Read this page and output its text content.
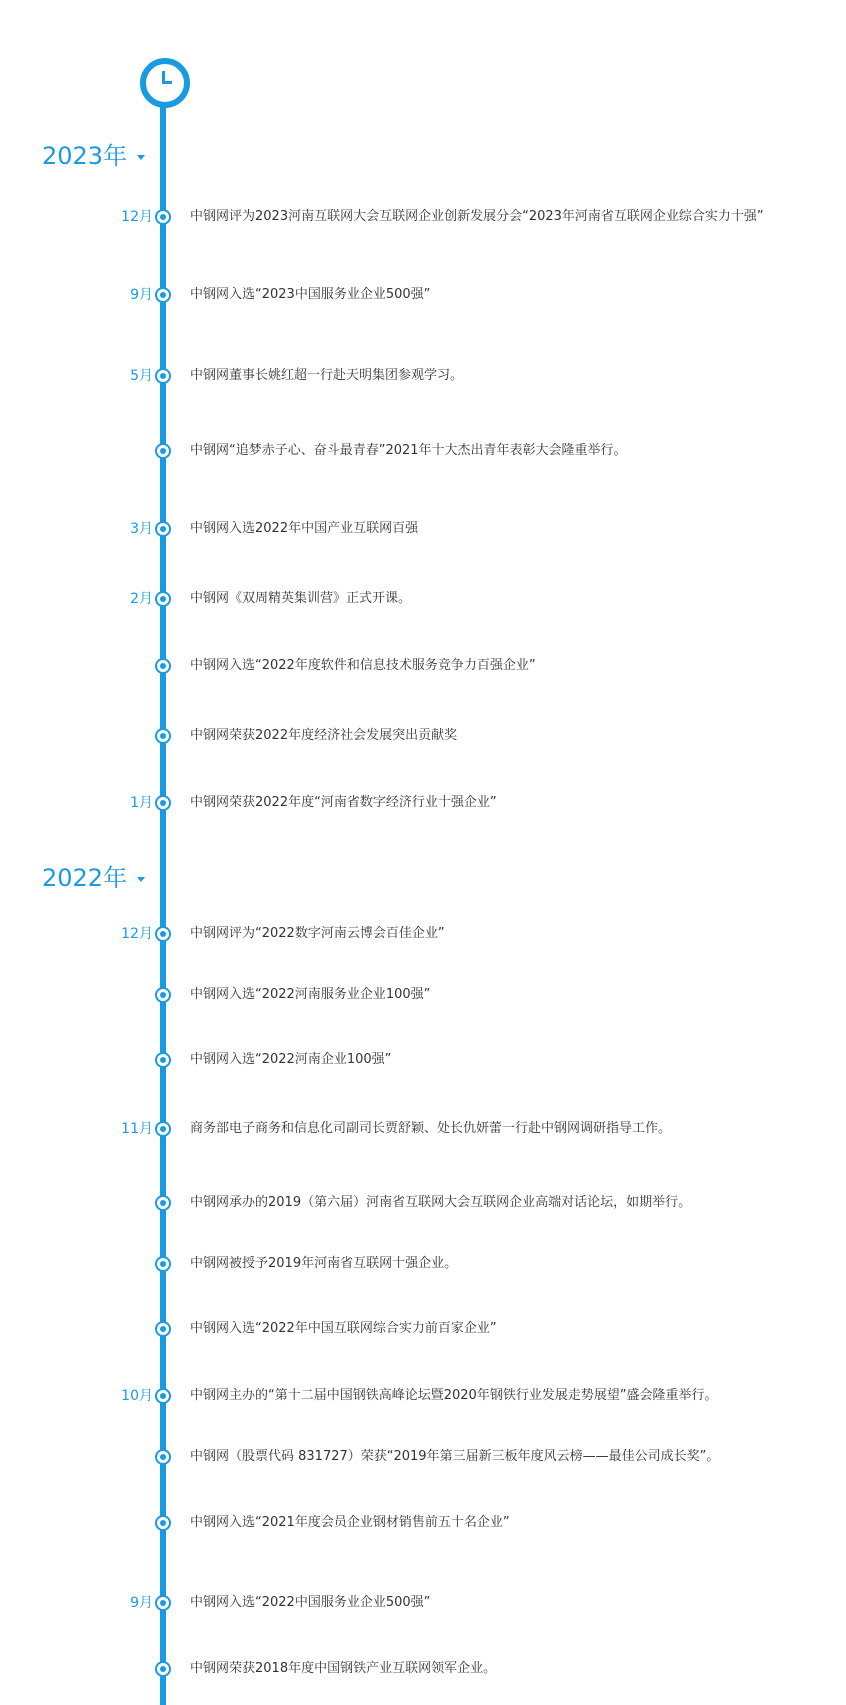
2023年
12月	中钢网评为2023河南互联网大会互联网企业创新发展分会“2023年河南省互联网企业综合实力十强”
9月	中钢网入选“2023中国服务业企业500强”
5月	中钢网董事长姚红超一行赴天明集团参观学习。
中钢网“追梦赤子心、奋斗最青春”2021年十大杰出青年表彰大会隆重举行。
3月	中钢网入选2022年中国产业互联网百强
2月	中钢网《双周精英集训营》正式开课。
中钢网入选“2022年度软件和信息技术服务竞争力百强企业”
中钢网荣获2022年度经济社会发展突出贡献奖
1月	中钢网荣获2022年度“河南省数字经济行业十强企业”
2022年
12月	中钢网评为“2022数字河南云博会百佳企业”
中钢网入选“2022河南服务业企业100强”
中钢网入选“2022河南企业100强”
11月	商务部电子商务和信息化司副司长贾舒颖、处长仇妍蕾一行赴中钢网调研指导工作。
中钢网承办的2019（第六届）河南省互联网大会互联网企业高端对话论坛，如期举行。
中钢网被授予2019年河南省互联网十强企业。
中钢网入选“2022年中国互联网综合实力前百家企业”
10月	中钢网主办的“第十二届中国钢铁高峰论坛暨2020年钢铁行业发展走势展望”盛会隆重举行。
中钢网（股票代码 831727）荣获“2019年第三届新三板年度风云榜——最佳公司成长奖”。
中钢网入选“2021年度会员企业钢材销售前五十名企业”
9月	中钢网入选“2022中国服务业企业500强”
中钢网荣获2018年度中国钢铁产业互联网领军企业。
